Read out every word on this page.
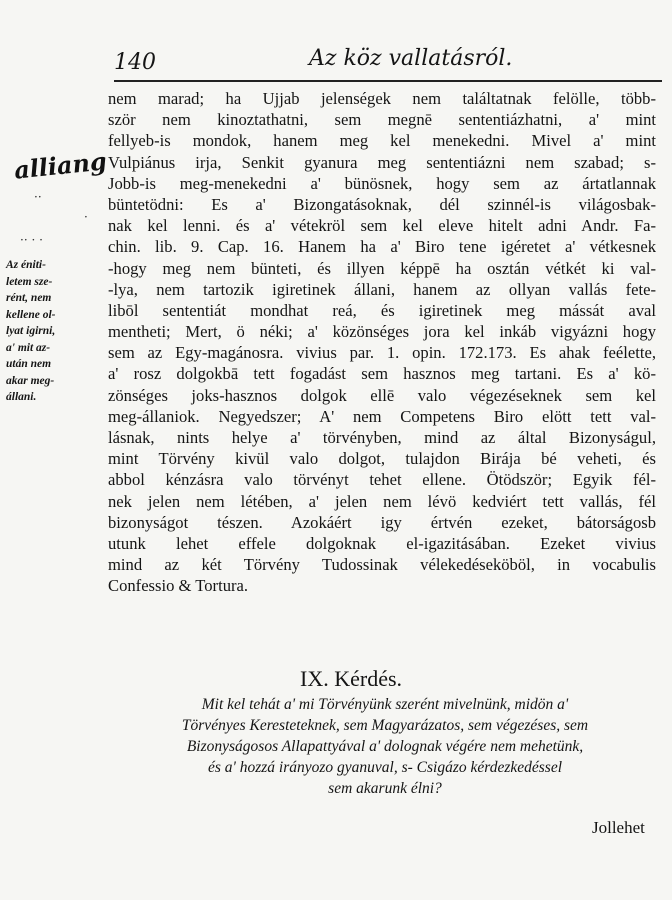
140	Az köz vallatásról.
alliang
··
·· · ·
·
Az éniti-
letem sze-
rént, nem
kellene ol-
lyat igirni,
a' mit az-
után nem
akar meg-
állani.
nem marad; ha Ujjab jelenségek nem találtatnak felölle, több-
ször nem kinoztathatni, sem megnē sententiázhatni, a' mint
fellyeb-is mondok, hanem meg kel menekedni. Mivel a' mint
Vulpiánus irja, Senkit gyanura meg sententiázni nem szabad; s-
Jobb-is meg-menekedni a' bünösnek, hogy sem az ártatlannak
büntetödni: Es a' Bizongatásoknak, dél szinnél-is világosbak-
nak kel lenni. és a' vétekröl sem kel eleve hitelt adni Andr. Fa-
chin. lib. 9. Cap. 16. Hanem ha a' Biro tene igéretet a' vétkesnek
-hogy meg nem bünteti, és illyen képpē ha osztán vétkét ki val-
-lya, nem tartozik igiretinek állani, hanem az ollyan vallás fete-
libōl sententiát mondhat reá, és igiretinek meg mássát aval
mentheti; Mert, ö néki; a' közönséges jora kel inkáb vigyázni hogy
sem az Egy-magánosra. vivius par. 1. opin. 172.173. Es ahak feélette,
a' rosz dolgokbā tett fogadást sem hasznos meg tartani. Es a' kö-
zönséges joks-hasznos dolgok ellē valo végezéseknek sem kel
meg-állaniok. Negyedszer; A' nem Competens Biro elött tett val-
lásnak, nints helye a' törvényben, mind az által Bizonyságul,
mint Törvény kivül valo dolgot, tulajdon Birája bé veheti, és
abbol kénzásra valo törvényt tehet ellene. Ötödször; Egyik fél-
nek jelen nem létében, a' jelen nem lévö kedviért tett vallás, fél
bizonyságot tészen. Azokáért igy értvén ezeket, bátorságosb
utunk lehet effele dolgoknak el-igazitásában. Ezeket vivius
mind az két Törvény Tudossinak vélekedéseköböl, in vocabulis
Confessio & Tortura.
IX. Kérdés.
Mit kel tehát a' mi Törvényünk szerént mivelnünk, midön a'
Törvényes Keresteteknek, sem Magyarázatos, sem végezéses, sem
Bizonyságosos Allapattyával a' dolognak végére nem mehetünk,
és a' hozzá irányozo gyanuval, s- Csigázo kérdezkedéssel
sem akarunk élni?
Jollehet
